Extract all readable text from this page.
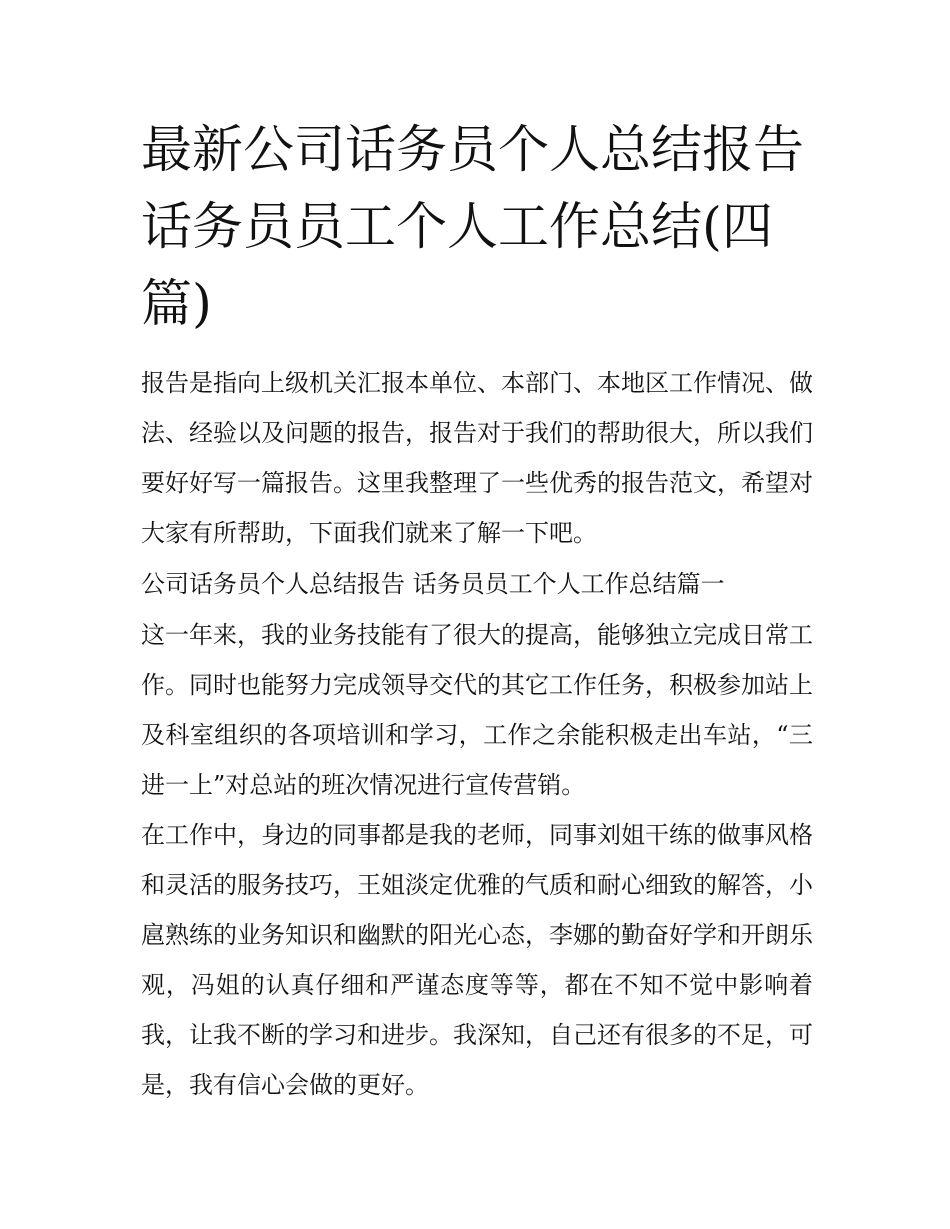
最新公司话务员个人总结报告话务员员工个人工作总结(四篇)

报告是指向上级机关汇报本单位、本部门、本地区工作情况、做法、经验以及问题的报告，报告对于我们的帮助很大，所以我们要好好写一篇报告。这里我整理了一些优秀的报告范文，希望对大家有所帮助，下面我们就来了解一下吧。

公司话务员个人总结报告 话务员员工个人工作总结篇一

这一年来，我的业务技能有了很大的提高，能够独立完成日常工作。同时也能努力完成领导交代的其它工作任务，积极参加站上及科室组织的各项培训和学习，工作之余能积极走出车站，“三进一上”对总站的班次情况进行宣传营销。

在工作中，身边的同事都是我的老师，同事刘姐干练的做事风格和灵活的服务技巧，王姐淡定优雅的气质和耐心细致的解答，小扈熟练的业务知识和幽默的阳光心态，李娜的勤奋好学和开朗乐观，冯姐的认真仔细和严谨态度等等，都在不知不觉中影响着我，让我不断的学习和进步。我深知，自己还有很多的不足，可是，我有信心会做的更好。
